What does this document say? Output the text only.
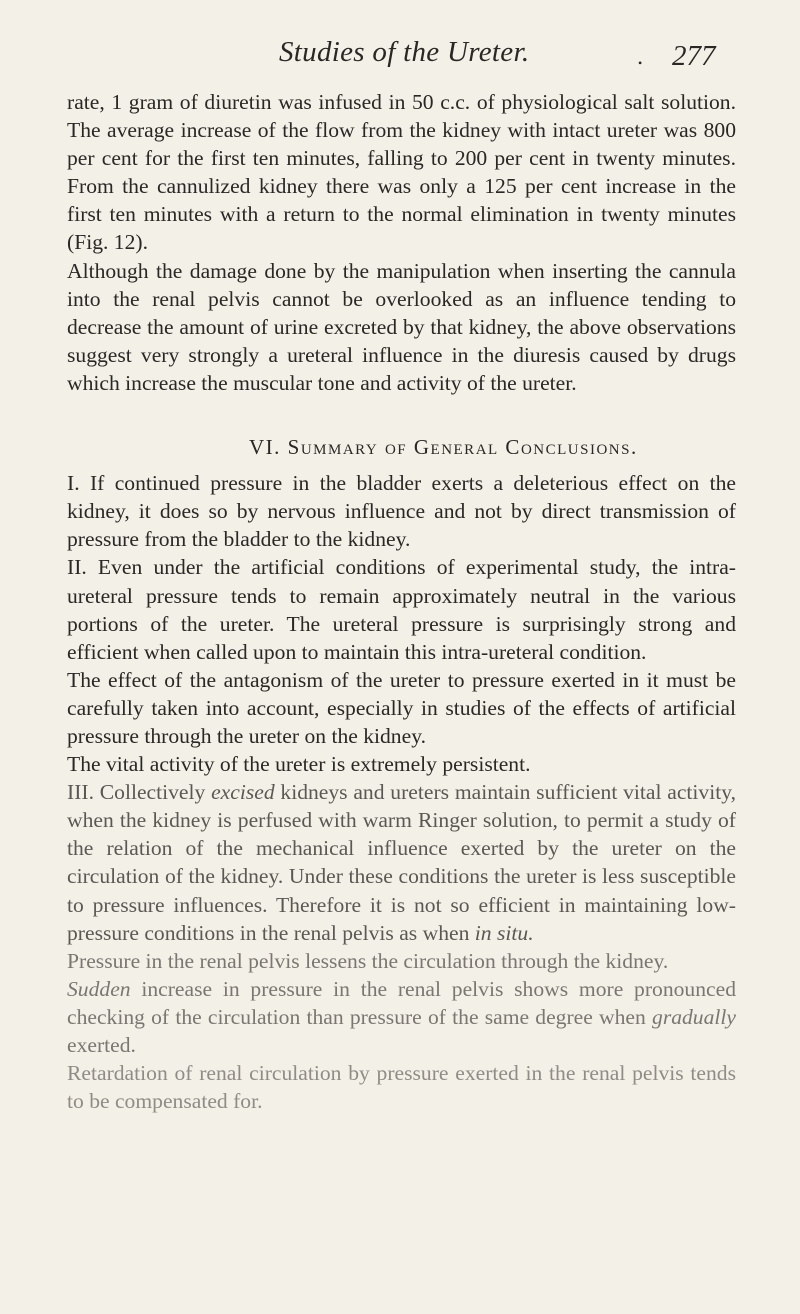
Studies of the Ureter.	• 277

rate, 1 gram of diuretin was infused in 50 c.c. of physiological salt solution. The average increase of the flow from the kidney with intact ureter was 800 per cent for the first ten minutes, falling to 200 per cent in twenty minutes. From the cannulized kidney there was only a 125 per cent increase in the first ten minutes with a return to the normal elimination in twenty minutes (Fig. 12).

Although the damage done by the manipulation when inserting the cannula into the renal pelvis cannot be overlooked as an influence tending to decrease the amount of urine excreted by that kidney, the above observations suggest very strongly a ureteral influence in the diuresis caused by drugs which increase the muscular tone and activity of the ureter.

VI. Summary of General Conclusions.

I. If continued pressure in the bladder exerts a deleterious effect on the kidney, it does so by nervous influence and not by direct transmission of pressure from the bladder to the kidney.

II. Even under the artificial conditions of experimental study, the intra-ureteral pressure tends to remain approximately neutral in the various portions of the ureter. The ureteral pressure is surprisingly strong and efficient when called upon to maintain this intra-ureteral condition.

The effect of the antagonism of the ureter to pressure exerted in it must be carefully taken into account, especially in studies of the effects of artificial pressure through the ureter on the kidney.

The vital activity of the ureter is extremely persistent.

III. Collectively excised kidneys and ureters maintain sufficient vital activity, when the kidney is perfused with warm Ringer solution, to permit a study of the relation of the mechanical influence exerted by the ureter on the circulation of the kidney. Under these conditions the ureter is less susceptible to pressure influences. Therefore it is not so efficient in maintaining low-pressure conditions in the renal pelvis as when in situ.

Pressure in the renal pelvis lessens the circulation through the kidney.

Sudden increase in pressure in the renal pelvis shows more pronounced checking of the circulation than pressure of the same degree when gradually exerted.

Retardation of renal circulation by pressure exerted in the renal pelvis tends to be compensated for.
